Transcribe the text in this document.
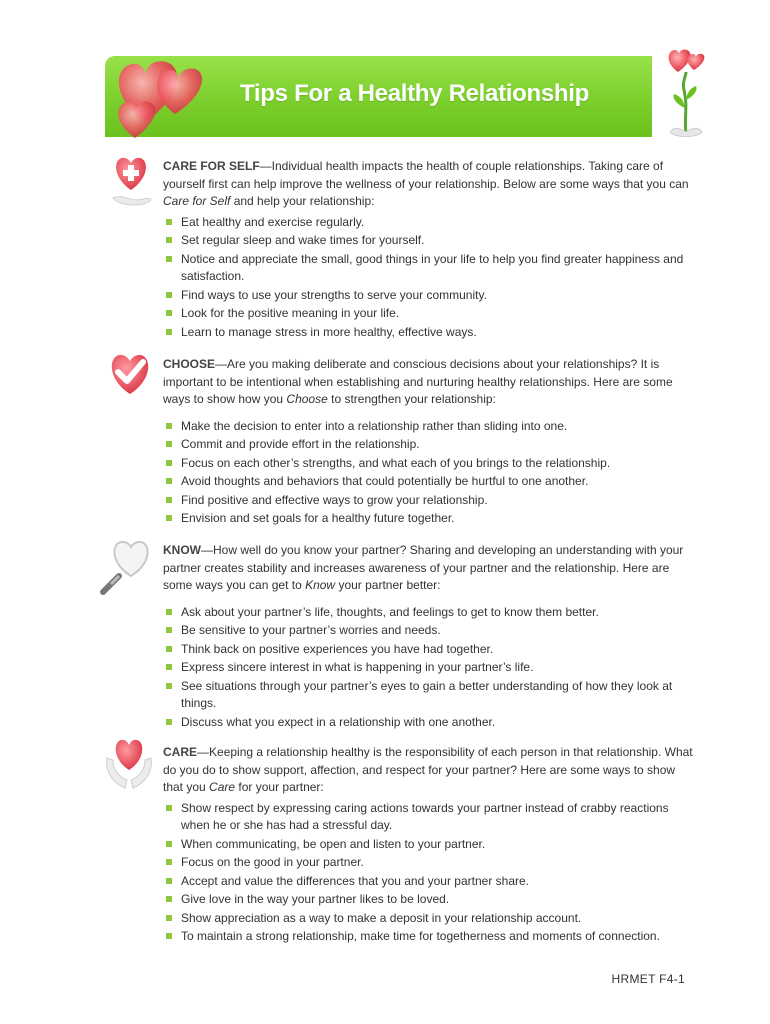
Tips For a Healthy Relationship

CARE FOR SELF—Individual health impacts the health of couple relationships. Taking care of yourself first can help improve the wellness of your relationship. Below are some ways that you can Care for Self and help your relationship:

Eat healthy and exercise regularly.
Set regular sleep and wake times for yourself.
Notice and appreciate the small, good things in your life to help you find greater happiness and satisfaction.
Find ways to use your strengths to serve your community.
Look for the positive meaning in your life.
Learn to manage stress in more healthy, effective ways.

CHOOSE—Are you making deliberate and conscious decisions about your relationships? It is important to be intentional when establishing and nurturing healthy relationships. Here are some ways to show how you Choose to strengthen your relationship:

Make the decision to enter into a relationship rather than sliding into one.
Commit and provide effort in the relationship.
Focus on each other’s strengths, and what each of you brings to the relationship.
Avoid thoughts and behaviors that could potentially be hurtful to one another.
Find positive and effective ways to grow your relationship.
Envision and set goals for a healthy future together.

KNOW—How well do you know your partner? Sharing and developing an understanding with your partner creates stability and increases awareness of your partner and the relationship. Here are some ways you can get to Know your partner better:

Ask about your partner’s life, thoughts, and feelings to get to know them better.
Be sensitive to your partner’s worries and needs.
Think back on positive experiences you have had together.
Express sincere interest in what is happening in your partner’s life.
See situations through your partner’s eyes to gain a better understanding of how they look at things.
Discuss what you expect in a relationship with one another.

CARE—Keeping a relationship healthy is the responsibility of each person in that relationship. What do you do to show support, affection, and respect for your partner? Here are some ways to show that you Care for your partner:

Show respect by expressing caring actions towards your partner instead of crabby reactions when he or she has had a stressful day.
When communicating, be open and listen to your partner.
Focus on the good in your partner.
Accept and value the differences that you and your partner share.
Give love in the way your partner likes to be loved.
Show appreciation as a way to make a deposit in your relationship account.
To maintain a strong relationship, make time for togetherness and moments of connection.
HRMET F4-1
